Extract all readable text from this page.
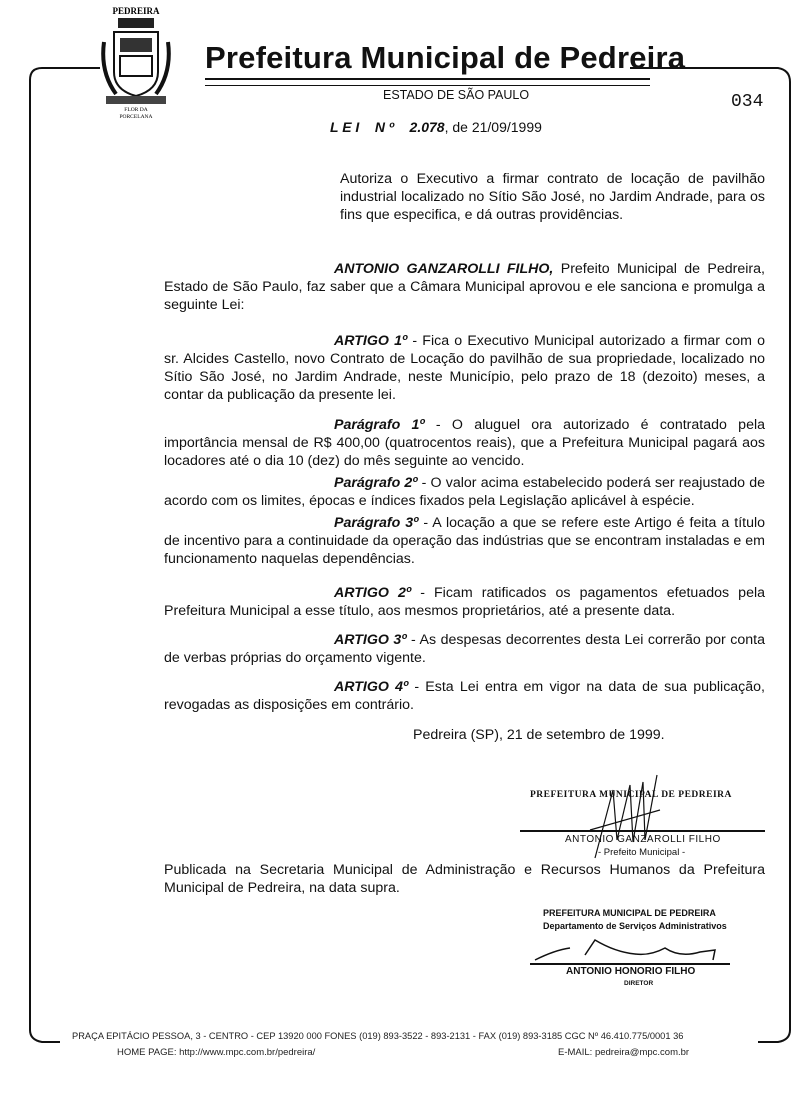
PEDREIRA
FLOR DA
PORCELANA
Prefeitura Municipal de Pedreira
ESTADO DE SÃO PAULO	034
L E I    N º 2.078, de 21/09/1999
Autoriza o Executivo a firmar contrato de locação de pavilhão industrial localizado no Sítio São José, no Jardim Andrade, para os fins que especifica, e dá outras providências.

ANTONIO GANZAROLLI FILHO, Prefeito Municipal de Pedreira, Estado de São Paulo, faz saber que a Câmara Municipal aprovou e ele sanciona e promulga a seguinte Lei:

ARTIGO 1º - Fica o Executivo Municipal autorizado a firmar com o sr. Alcides Castello, novo Contrato de Locação do pavilhão de sua propriedade, localizado no Sítio São José, no Jardim Andrade, neste Município, pelo prazo de 18 (dezoito) meses, a contar da publicação da presente lei.

Parágrafo 1º - O aluguel ora autorizado é contratado pela importância mensal de R$ 400,00 (quatrocentos reais), que a Prefeitura Municipal pagará aos locadores até o dia 10 (dez) do mês seguinte ao vencido.

Parágrafo 2º - O valor acima estabelecido poderá ser reajustado de acordo com os limites, épocas e índices fixados pela Legislação aplicável à espécie.

Parágrafo 3º - A locação a que se refere este Artigo é feita a título de incentivo para a continuidade da operação das indústrias que se encontram instaladas e em funcionamento naquelas dependências.

ARTIGO 2º - Ficam ratificados os pagamentos efetuados pela Prefeitura Municipal a esse título, aos mesmos proprietários, até a presente data.

ARTIGO 3º - As despesas decorrentes desta Lei correrão por conta de verbas próprias do orçamento vigente.

ARTIGO 4º - Esta Lei entra em vigor na data de sua publicação, revogadas as disposições em contrário.

Pedreira (SP), 21 de setembro de 1999.

PREFEITURA MUNICIPAL DE PEDREIRA
ANTONIO GANZAROLLI FILHO
- Prefeito Municipal -
Publicada na Secretaria Municipal de Administração e Recursos Humanos da Prefeitura Municipal de Pedreira, na data supra.
PREFEITURA MUNICIPAL DE PEDREIRA
Departamento de Serviços Administrativos
ANTONIO HONORIO FILHO
DIRETOR
PRAÇA EPITÁCIO PESSOA, 3 - CENTRO - CEP 13920 000 FONES (019) 893-3522 - 893-2131 - FAX (019) 893-3185 CGC Nº 46.410.775/0001 36
HOME PAGE: http://www.mpc.com.br/pedreira/	E-MAIL: pedreira@mpc.com.br
